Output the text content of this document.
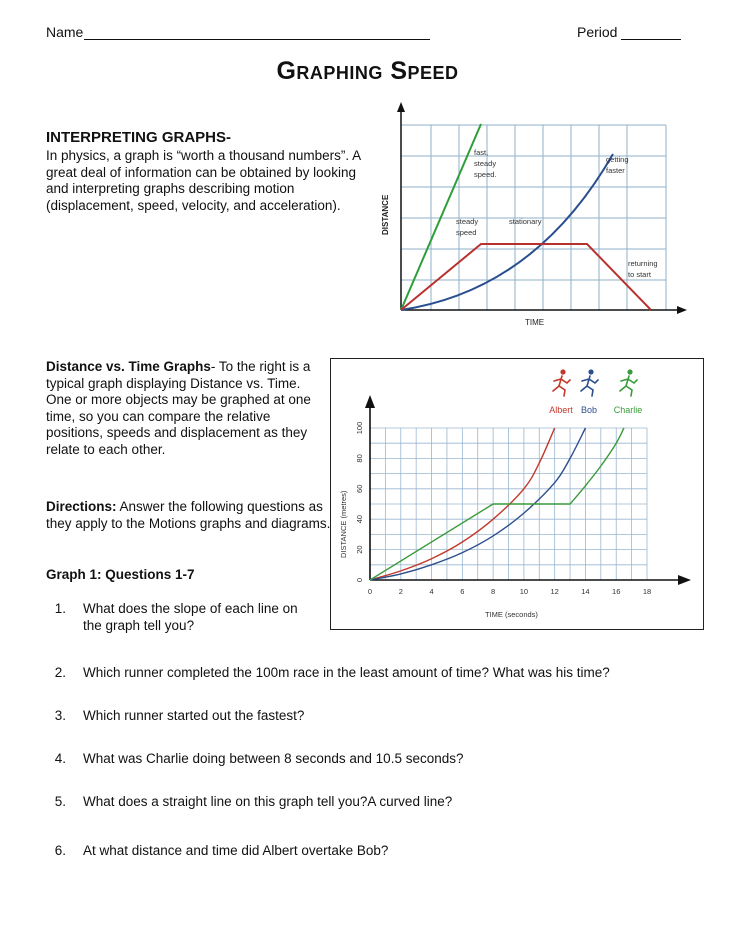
Name	Period
Graphing Speed
INTERPRETING GRAPHS-
In physics, a graph is “worth a thousand numbers”. A great deal of information can be obtained by looking and interpreting graphs describing motion (displacement, speed, velocity, and acceleration).	DISTANCE
TIME
fast,
steady
speed.
getting
faster
steady
speed
stationary
returning
to start
Distance vs. Time Graphs- To the right is a typical graph displaying Distance vs. Time. One or more objects may be graphed at one time, so you can compare the relative positions, speeds and displacement as they relate to each other.
Directions: Answer the following questions as they apply to the Motions graphs and diagrams.
Graph 1: Questions 1-7
0	2	4	6	8	10	12	14	16	18
0
20
40
60
80
100
Albert Bob Charlie
TIME (seconds)
DISTANCE (metres)
1. What does the slope of each line on
the graph tell you?
2. Which runner completed the 100m race in the least amount of time? What was his time?
3. Which runner started out the fastest?
4. What was Charlie doing between 8 seconds and 10.5 seconds?
5. What does a straight line on this graph tell you?A curved line?
6. At what distance and time did Albert overtake Bob?
